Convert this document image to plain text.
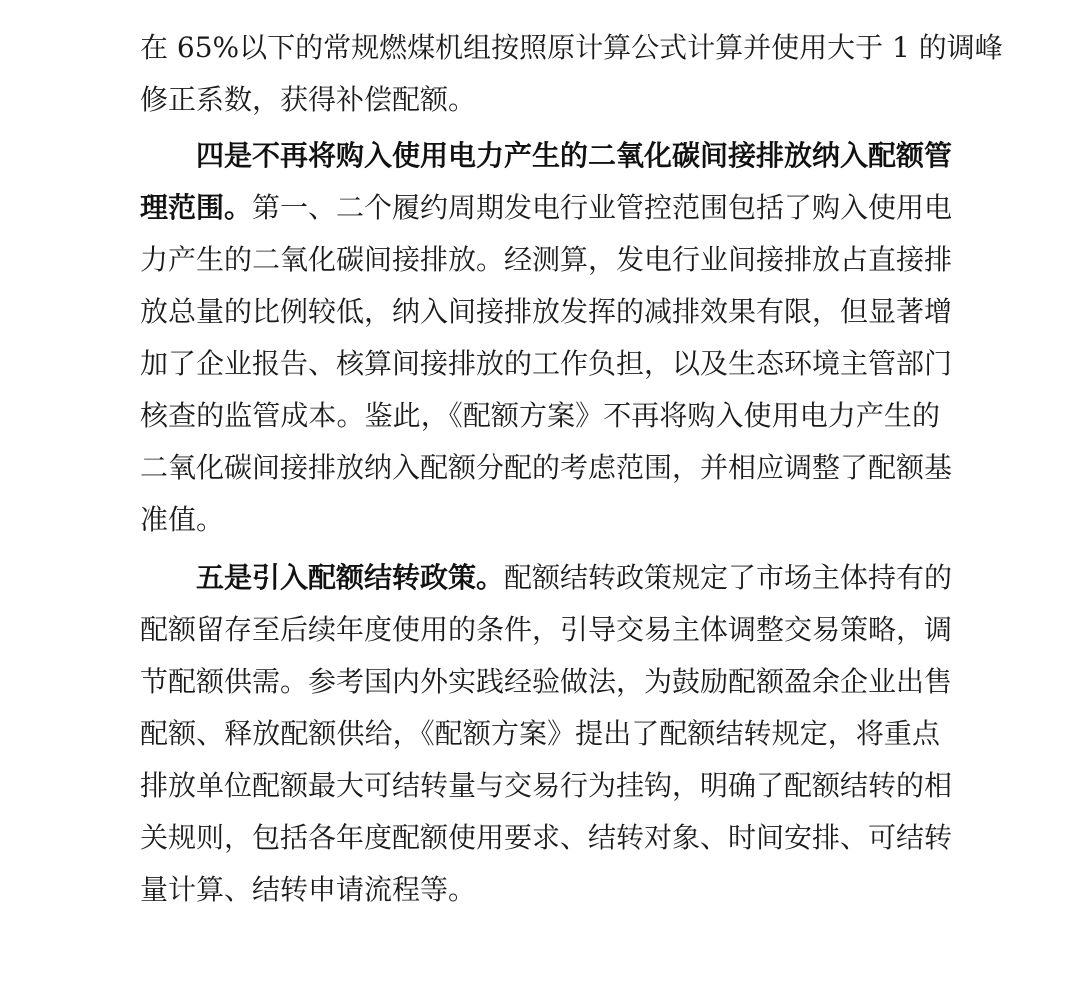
在 65%以下的常规燃煤机组按照原计算公式计算并使用大于 1 的调峰
修正系数，获得补偿配额。
四是不再将购入使用电力产生的二氧化碳间接排放纳入配额管
理范围。第一、二个履约周期发电行业管控范围包括了购入使用电
力产生的二氧化碳间接排放。经测算，发电行业间接排放占直接排
放总量的比例较低，纳入间接排放发挥的减排效果有限，但显著增
加了企业报告、核算间接排放的工作负担，以及生态环境主管部门
核查的监管成本。鉴此，《配额方案》不再将购入使用电力产生的
二氧化碳间接排放纳入配额分配的考虑范围，并相应调整了配额基
准值。
五是引入配额结转政策。配额结转政策规定了市场主体持有的
配额留存至后续年度使用的条件，引导交易主体调整交易策略，调
节配额供需。参考国内外实践经验做法，为鼓励配额盈余企业出售
配额、释放配额供给，《配额方案》提出了配额结转规定，将重点
排放单位配额最大可结转量与交易行为挂钩，明确了配额结转的相
关规则，包括各年度配额使用要求、结转对象、时间安排、可结转
量计算、结转申请流程等。
